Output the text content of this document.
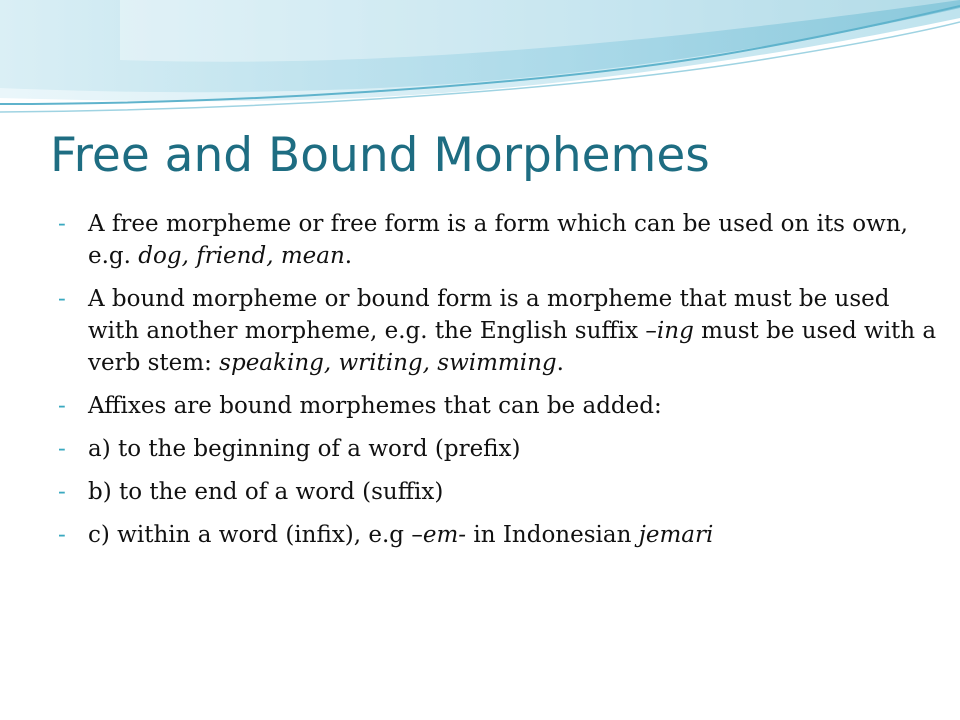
Free and Bound Morphemes
- A free morpheme or free form is a form which can be used on its own, e.g. dog, friend, mean.
- A bound morpheme or bound form is a morpheme that must be used with another morpheme, e.g. the English suffix –ing must be used with a verb stem: speaking, writing, swimming.
- Affixes are bound morphemes that can be added:
- a) to the beginning of a word (prefix)
- b) to the end of a word (suffix)
- c) within a word (infix), e.g –em- in Indonesian jemari
